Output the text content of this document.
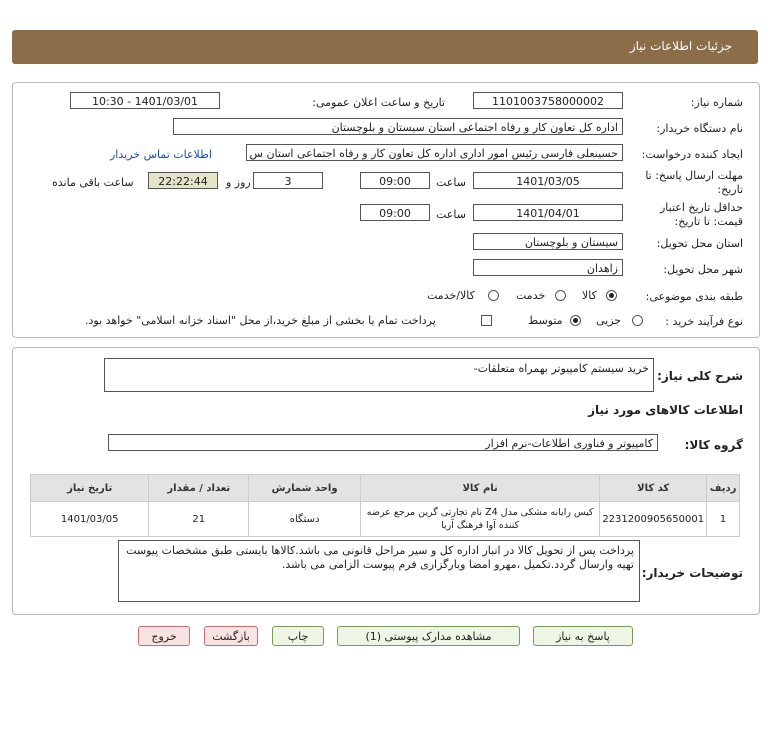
جزئیات اطلاعات نیاز
شماره نیاز:
1101003758000002
تاریخ و ساعت اعلان عمومی:
1401/03/01 - 10:30
نام دستگاه خریدار:
اداره کل تعاون کار و رفاه اجتماعی استان سیستان و بلوچستان
ایجاد کننده درخواست:
حسینعلی فارسی رئیس امور اداری اداره کل تعاون کار و رفاه اجتماعی استان س
اطلاعات تماس خریدار
مهلت ارسال پاسخ: تا
تاریخ:
1401/03/05
ساعت
09:00
3
روز و
22:22:44
ساعت باقی مانده
حداقل تاریخ اعتبار
قیمت: تا تاریخ:
1401/04/01
ساعت
09:00
استان محل تحویل:
سیستان و بلوچستان
شهر محل تحویل:
زاهدان
طبقه بندی موضوعی:
کالا
خدمت
کالا/خدمت
نوع فرآیند خرید :
جزیی
متوسط
پرداخت تمام یا بخشی از مبلغ خرید،از محل "اسناد خزانه اسلامی" خواهد بود.
شرح کلی نیاز:
خرید سیستم کامپیوتر بهمراه متعلقات-
اطلاعات کالاهای مورد نیاز
گروه کالا:
کامپیوتر و فناوری اطلاعات-نرم افزار
ردیف	کد کالا	نام کالا	واحد شمارش	تعداد / مقدار	تاریخ نیاز
1	2231200905650001	کیس رایانه مشکی مدل Z4 نام تجارتی گرین مرجع عرضه کننده آوا فرهنگ آریا	دستگاه	21	1401/03/05
توضیحات خریدار:
پرداخت پس از تحویل کالا در انبار اداره کل و سیر مراحل قانونی می باشد.کالاها بایستی طبق مشخصات پیوست تهیه وارسال گردد.تکمیل ،مهرو امضا وبارگزاری فرم پیوست الزامی می باشد.
پاسخ به نیاز
مشاهده مدارک پیوستی (1)
چاپ
بازگشت
خروج
